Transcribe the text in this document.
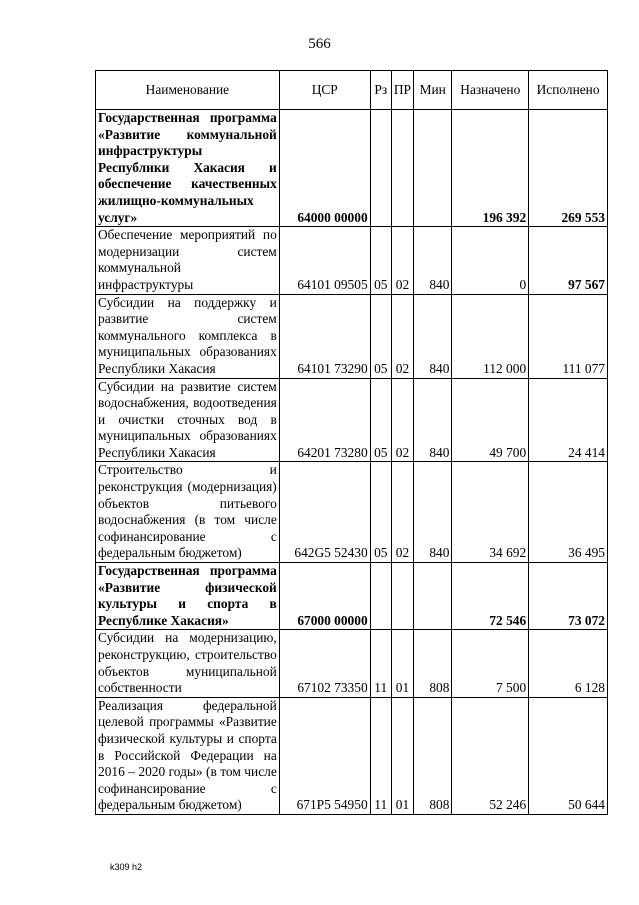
566
Наименование	ЦСР	Рз	ПР	Мин	Назначено	Исполнено
Государственная программа «Развитие коммунальной инфраструктуры Республики Хакасия и обеспечение качественных жилищно-коммунальных услуг»	64000 00000				196 392	269 553
Обеспечение мероприятий по модернизации систем коммунальной инфраструктуры	64101 09505	05	02	840	0	97 567
Субсидии на поддержку и развитие систем коммунального комплекса в муниципальных образованиях Республики Хакасия	64101 73290	05	02	840	112 000	111 077
Субсидии на развитие систем водоснабжения, водоотведения и очистки сточных вод в муниципальных образованиях Республики Хакасия	64201 73280	05	02	840	49 700	24 414
Строительство и реконструкция (модернизация) объектов питьевого водоснабжения (в том числе софинансирование с федеральным бюджетом)	642G5 52430	05	02	840	34 692	36 495
Государственная программа «Развитие физической культуры и спорта в Республике Хакасия»	67000 00000				72 546	73 072
Субсидии на модернизацию, реконструкцию, строительство объектов муниципальной собственности	67102 73350	11	01	808	7 500	6 128
Реализация федеральной целевой программы «Развитие физической культуры и спорта в Российской Федерации на 2016 – 2020 годы» (в том числе софинансирование с федеральным бюджетом)	671P5 54950	11	01	808	52 246	50 644
k309 h2
